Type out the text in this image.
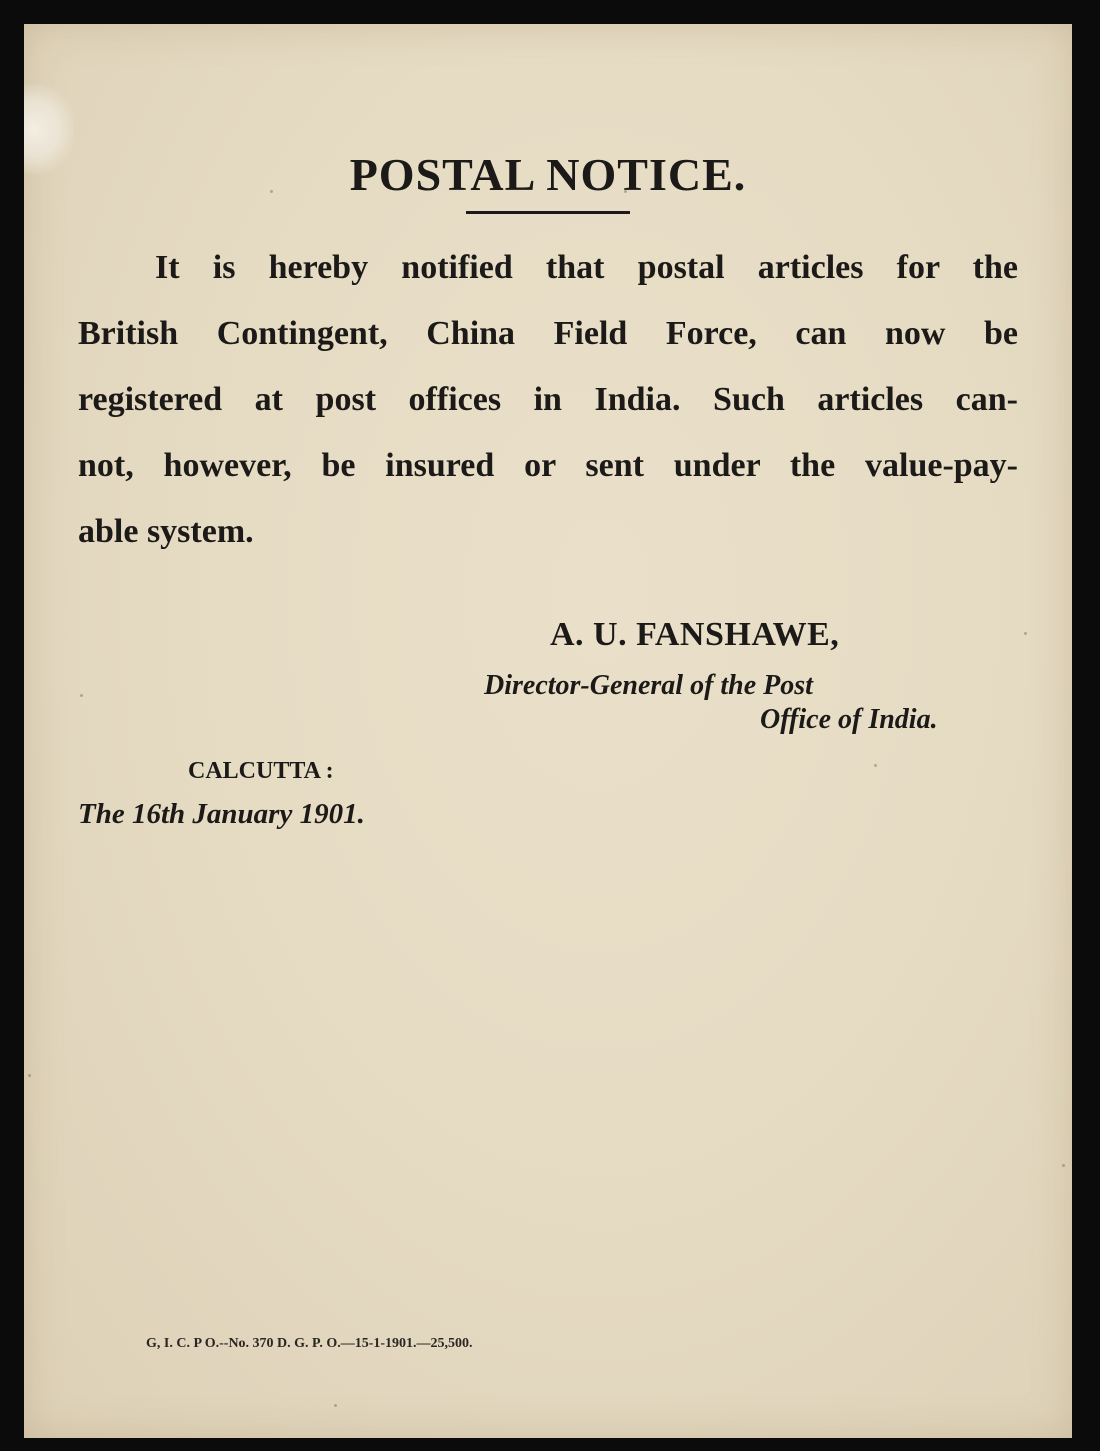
POSTAL NOTICE.
It is hereby notified that postal articles for the
British Contingent, China Field Force, can now be
registered at post offices in India. Such articles can-
not, however, be insured or sent under the value-pay-
able system.
A. U. FANSHAWE,
Director-General of the Post
Office of India.
CALCUTTA :
The 16th January 1901.
G, I. C. P O.--No. 370 D. G. P. O.—15-1-1901.—25,500.
